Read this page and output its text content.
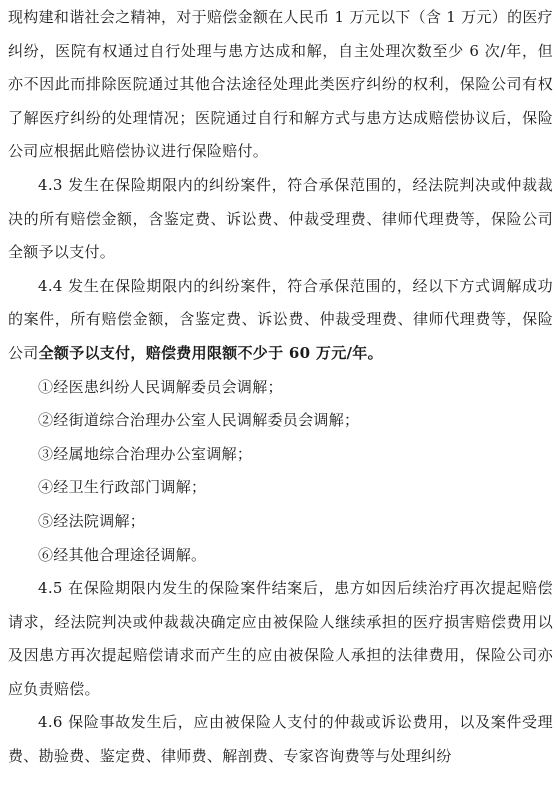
现构建和谐社会之精神，对于赔偿金额在人民币 1 万元以下（含 1 万元）的医疗纠纷，医院有权通过自行处理与患方达成和解，自主处理次数至少 6 次/年，但亦不因此而排除医院通过其他合法途径处理此类医疗纠纷的权利，保险公司有权了解医疗纠纷的处理情况；医院通过自行和解方式与患方达成赔偿协议后，保险公司应根据此赔偿协议进行保险赔付。

4.3 发生在保险期限内的纠纷案件，符合承保范围的，经法院判决或仲裁裁决的所有赔偿金额，含鉴定费、诉讼费、仲裁受理费、律师代理费等，保险公司全额予以支付。

4.4 发生在保险期限内的纠纷案件，符合承保范围的，经以下方式调解成功的案件，所有赔偿金额，含鉴定费、诉讼费、仲裁受理费、律师代理费等，保险公司全额予以支付，赔偿费用限额不少于 60 万元/年。

①经医患纠纷人民调解委员会调解；

②经街道综合治理办公室人民调解委员会调解；

③经属地综合治理办公室调解；

④经卫生行政部门调解；

⑤经法院调解；

⑥经其他合理途径调解。

4.5 在保险期限内发生的保险案件结案后，患方如因后续治疗再次提起赔偿请求，经法院判决或仲裁裁决确定应由被保险人继续承担的医疗损害赔偿费用以及因患方再次提起赔偿请求而产生的应由被保险人承担的法律费用，保险公司亦应负责赔偿。

4.6 保险事故发生后，应由被保险人支付的仲裁或诉讼费用，以及案件受理费、勘验费、鉴定费、律师费、解剖费、专家咨询费等与处理纠纷
